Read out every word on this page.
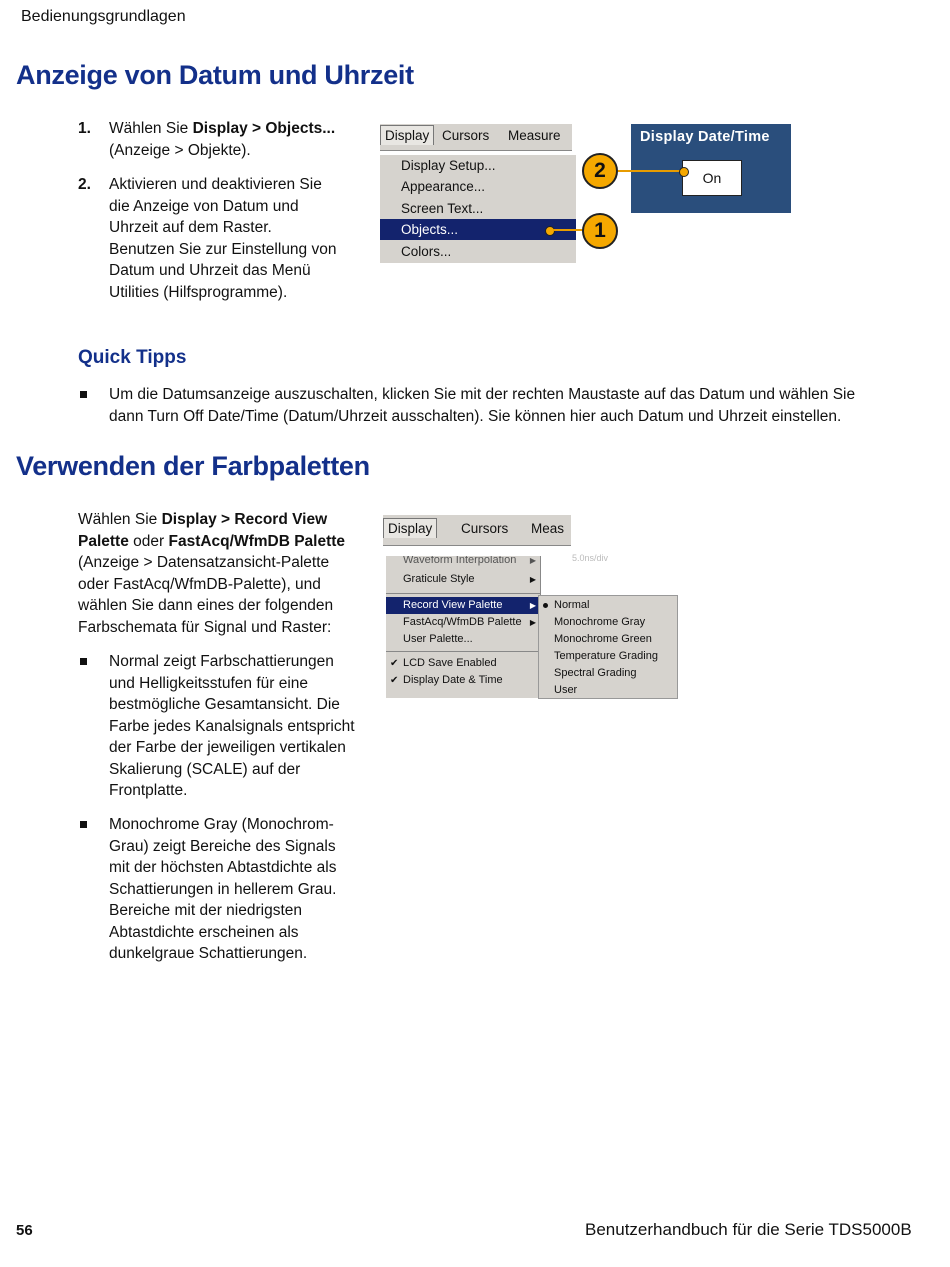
Bedienungsgrundlagen
Anzeige von Datum und Uhrzeit
1. Wählen Sie Display > Objects... (Anzeige > Objekte).
2. Aktivieren und deaktivieren Sie die Anzeige von Datum und Uhrzeit auf dem Raster. Benutzen Sie zur Einstellung von Datum und Uhrzeit das Menü Utilities (Hilfsprogramme).
Display Cursors Measure
Display Setup...
Appearance...
Screen Text...
Objects...
Colors...
1
Display Date/Time
On
2
Quick Tipps
Um die Datumsanzeige auszuschalten, klicken Sie mit der rechten Maustaste auf das Datum und wählen Sie dann Turn Off Date/Time (Datum/Uhrzeit ausschalten). Sie können hier auch Datum und Uhrzeit einstellen.
Verwenden der Farbpaletten
Wählen Sie Display > Record View Palette oder FastAcq/WfmDB Palette (Anzeige > Datensatzansicht-Palette oder FastAcq/WfmDB-Palette), und wählen Sie dann eines der folgenden Farbschemata für Signal und Raster:
Normal zeigt Farbschattierungen und Helligkeitsstufen für eine bestmögliche Gesamtansicht. Die Farbe jedes Kanalsignals entspricht der Farbe der jeweiligen vertikalen Skalierung (SCALE) auf der Frontplatte.
Monochrome Gray (Monochrom-Grau) zeigt Bereiche des Signals mit der höchsten Abtastdichte als Schattierungen in hellerem Grau. Bereiche mit der niedrigsten Abtastdichte erscheinen als dunkelgraue Schattierungen.
Display	Cursors Meas
5.0ns/div
Waveform Interpolation ▶
Graticule Style	▶
Record View Palette	▶
FastAcq/WfmDB Palette ▶
User Palette...
✔ LCD Save Enabled
✔ Display Date & Time
Normal
Monochrome Gray
Monochrome Green
Temperature Grading
Spectral Grading
User
56	Benutzerhandbuch für die Serie TDS5000B
